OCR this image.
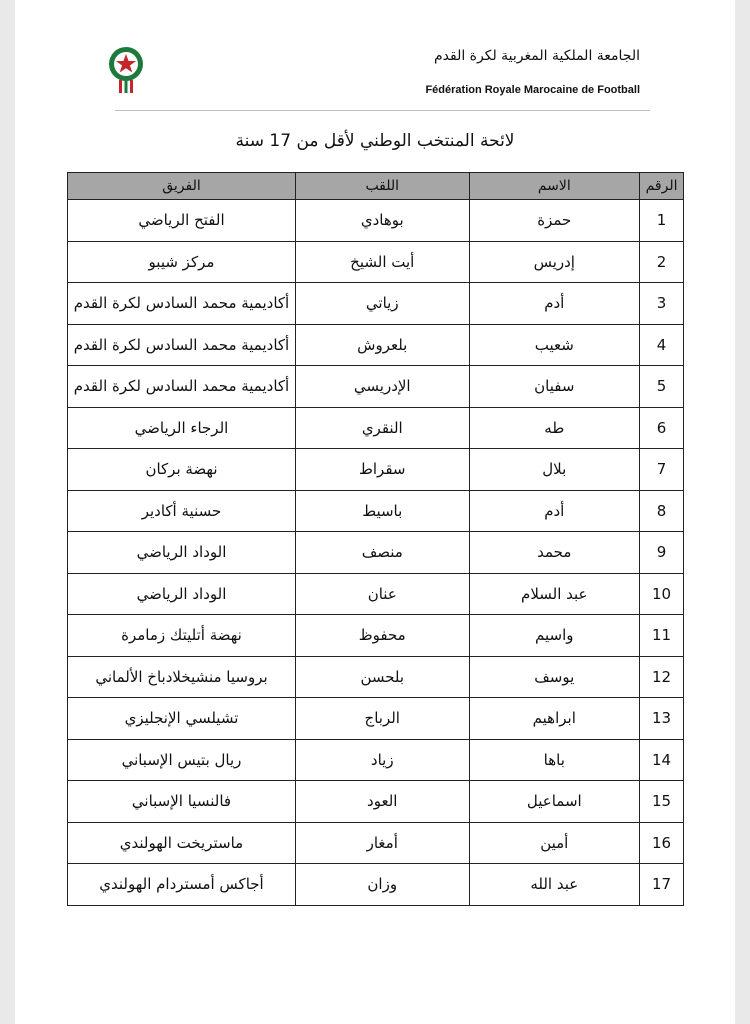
الجامعة الملكية المغربية لكرة القدم
Fédération Royale Marocaine de Football
لائحة المنتخب الوطني لأقل من 17 سنة
الرقم	الاسم	اللقب	الفريق
1	حمزة	بوهادي	الفتح الرياضي
2	إدريس	أيت الشيخ	مركز شيبو
3	أدم	زياتي	أكاديمية محمد السادس لكرة القدم
4	شعيب	بلعروش	أكاديمية محمد السادس لكرة القدم
5	سفيان	الإدريسي	أكاديمية محمد السادس لكرة القدم
6	طه	النقري	الرجاء الرياضي
7	بلال	سقراط	نهضة بركان
8	أدم	باسيط	حسنية أكادير
9	محمد	منصف	الوداد الرياضي
10	عبد السلام	عنان	الوداد الرياضي
11	واسيم	محفوظ	نهضة أتليتك زمامرة
12	يوسف	بلحسن	بروسيا منشيخلادباخ الألماني
13	ابراهيم	الرباج	تشيلسي الإنجليزي
14	باها	زياد	ريال بتيس الإسباني
15	اسماعيل	العود	فالنسيا الإسباني
16	أمين	أمغار	ماستريخت الهولندي
17	عبد الله	وزان	أجاكس أمستردام الهولندي
